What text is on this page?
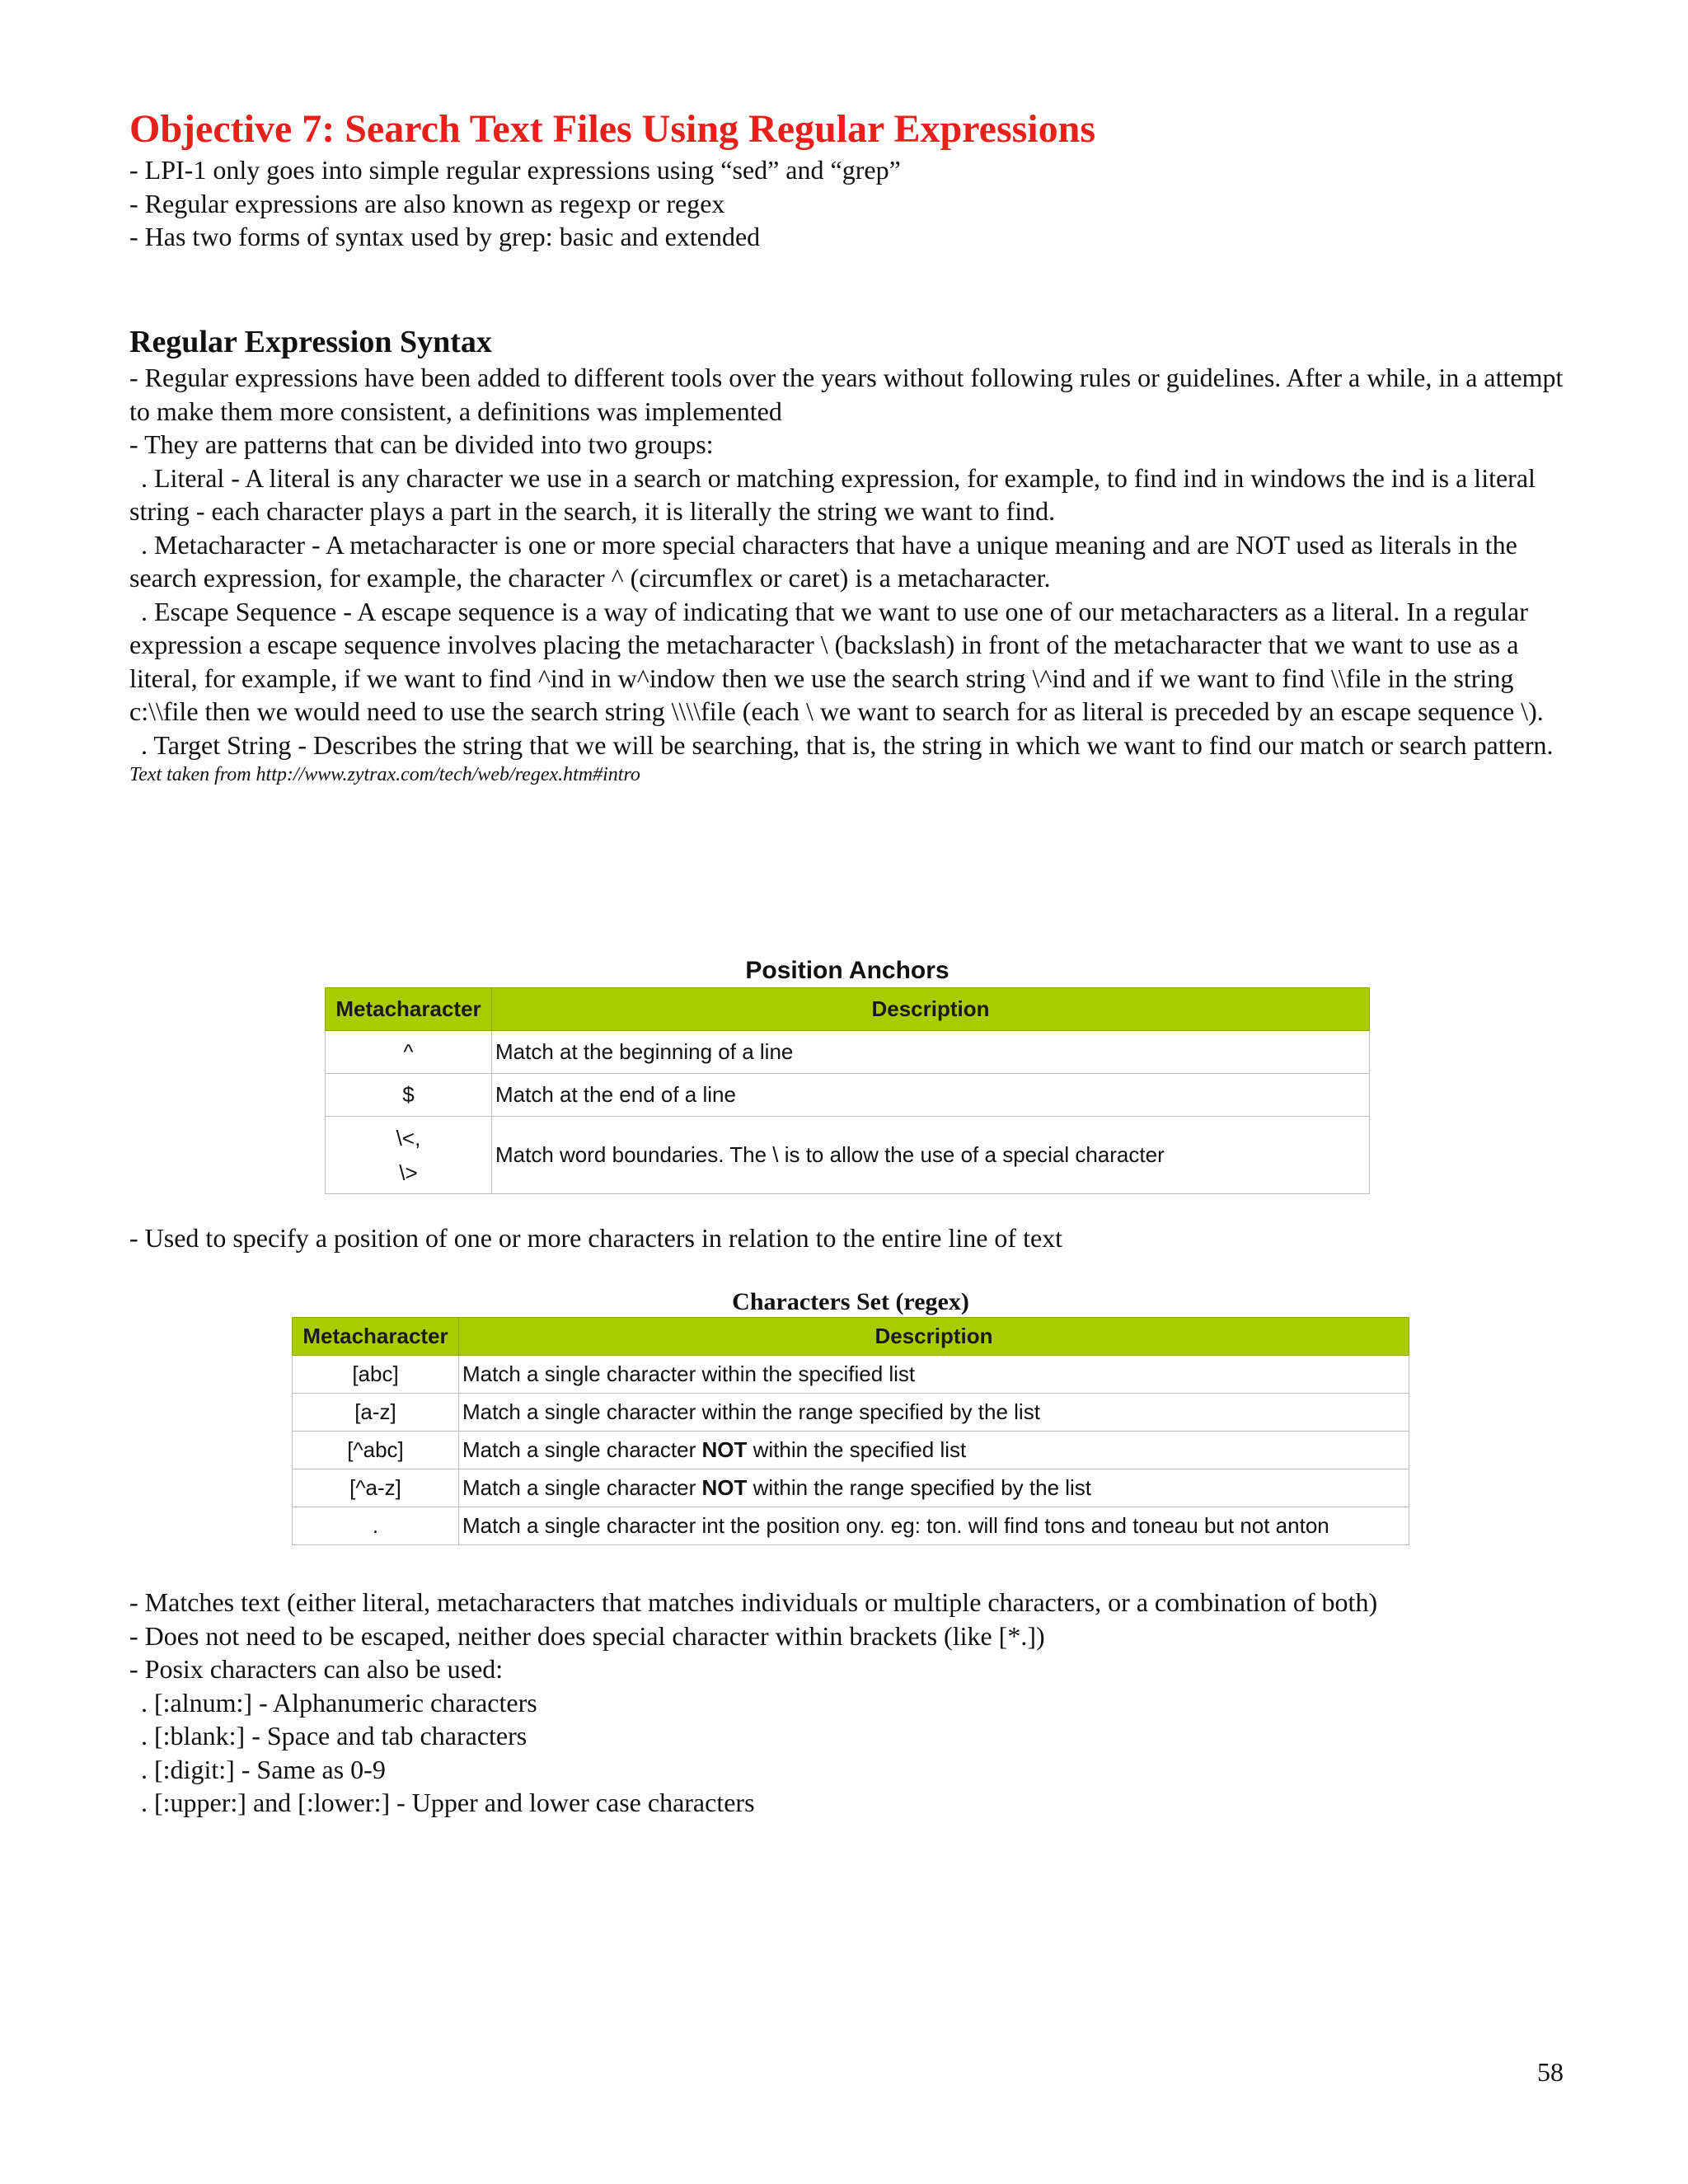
Objective 7: Search Text Files Using Regular Expressions

- LPI-1 only goes into simple regular expressions using “sed” and “grep”

- Regular expressions are also known as regexp or regex

- Has two forms of syntax used by grep: basic and extended

Regular Expression Syntax

- Regular expressions have been added to different tools over the years without following rules or guidelines. After a while, in a attempt to make them more consistent, a definitions was implemented

- They are patterns that can be divided into two groups:

. Literal - A literal is any character we use in a search or matching expression, for example, to find ind in windows the ind is a literal string - each character plays a part in the search, it is literally the string we want to find.

. Metacharacter - A metacharacter is one or more special characters that have a unique meaning and are NOT used as literals in the search expression, for example, the character ^ (circumflex or caret) is a metacharacter.

. Escape Sequence - A escape sequence is a way of indicating that we want to use one of our metacharacters as a literal. In a regular expression a escape sequence involves placing the metacharacter \ (backslash) in front of the metacharacter that we want to use as a literal, for example, if we want to find ^ind in w^indow then we use the search string \^ind and if we want to find \\file in the string c:\\file then we would need to use the search string \\\\file (each \ we want to search for as literal is preceded by an escape sequence \).

. Target String - Describes the string that we will be searching, that is, the string in which we want to find our match or search pattern.

Text taken from http://www.zytrax.com/tech/web/regex.htm#intro

Position Anchors
Metacharacter	Description
^	Match at the beginning of a line
$	Match at the end of a line

\<,
\>	Match word boundaries. The \ is to allow the use of a special character

- Used to specify a position of one or more characters in relation to the entire line of text

Characters Set (regex)
Metacharacter	Description
[abc]	Match a single character within the specified list
[a-z]	Match a single character within the range specified by the list
[^abc]	Match a single character NOT within the specified list
[^a-z]	Match a single character NOT within the range specified by the list
.	Match a single character int the position ony. eg: ton. will find tons and toneau but not anton

- Matches text (either literal, metacharacters that matches individuals or multiple characters, or a combination of both)

- Does not need to be escaped, neither does special character within brackets (like [*.])

- Posix characters can also be used:

. [:alnum:] - Alphanumeric characters

. [:blank:] - Space and tab characters

. [:digit:] - Same as 0-9

. [:upper:] and [:lower:] - Upper and lower case characters

58
